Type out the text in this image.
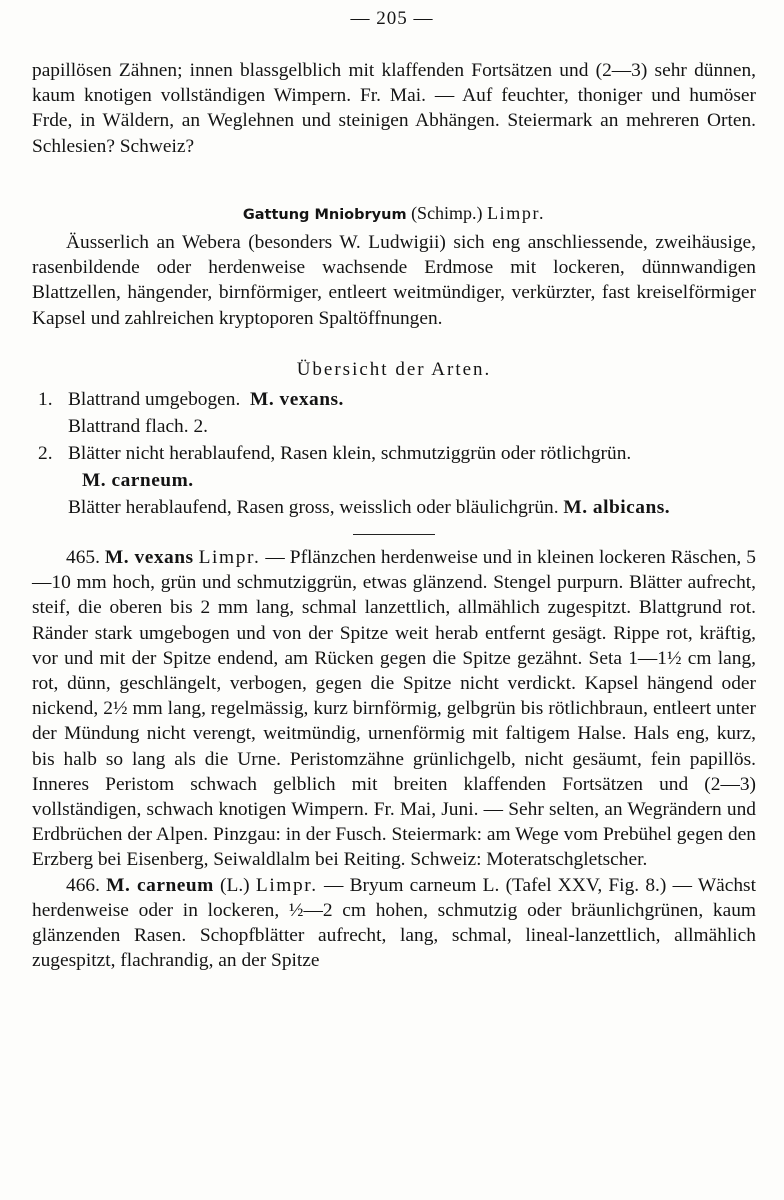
— 205 —

papillösen Zähnen; innen blassgelblich mit klaffenden Fortsätzen und (2—3) sehr dünnen, kaum knotigen vollständigen Wimpern. Fr. Mai. — Auf feuchter, thoniger und humöser Frde, in Wäldern, an Weglehnen und steinigen Abhängen. Steiermark an mehreren Orten. Schlesien? Schweiz?

Gattung Mniobryum (Schimp.) Limpr.

Äusserlich an Webera (besonders W. Ludwigii) sich eng anschliessende, zweihäusige, rasenbildende oder herdenweise wachsende Erdmose mit lockeren, dünnwandigen Blattzellen, hängender, birnförmiger, entleert weitmündiger, verkürzter, fast kreiselförmiger Kapsel und zahlreichen kryptoporen Spaltöffnungen.

Übersicht der Arten.
1. Blattrand umgebogen. M. vexans.
Blattrand flach. 2.
2. Blätter nicht herablaufend, Rasen klein, schmutziggrün oder rötlichgrün.
M. carneum.
Blätter herablaufend, Rasen gross, weisslich oder bläulichgrün. M. albicans.

465. M. vexans Limpr. — Pflänzchen herdenweise und in kleinen lockeren Räschen, 5—10 mm hoch, grün und schmutziggrün, etwas glänzend. Stengel purpurn. Blätter aufrecht, steif, die oberen bis 2 mm lang, schmal lanzettlich, allmählich zugespitzt. Blattgrund rot. Ränder stark umgebogen und von der Spitze weit herab entfernt gesägt. Rippe rot, kräftig, vor und mit der Spitze endend, am Rücken gegen die Spitze gezähnt. Seta 1—1½ cm lang, rot, dünn, geschlängelt, verbogen, gegen die Spitze nicht verdickt. Kapsel hängend oder nickend, 2½ mm lang, regelmässig, kurz birnförmig, gelbgrün bis rötlichbraun, entleert unter der Mündung nicht verengt, weitmündig, urnenförmig mit faltigem Halse. Hals eng, kurz, bis halb so lang als die Urne. Peristomzähne grünlichgelb, nicht gesäumt, fein papillös. Inneres Peristom schwach gelblich mit breiten klaffenden Fortsätzen und (2—3) vollständigen, schwach knotigen Wimpern. Fr. Mai, Juni. — Sehr selten, an Wegrändern und Erdbrüchen der Alpen. Pinzgau: in der Fusch. Steiermark: am Wege vom Prebühel gegen den Erzberg bei Eisenberg, Seiwaldlalm bei Reiting. Schweiz: Moteratschgletscher.

466. M. carneum (L.) Limpr. — Bryum carneum L. (Tafel XXV, Fig. 8.) — Wächst herdenweise oder in lockeren, ½—2 cm hohen, schmutzig oder bräunlichgrünen, kaum glänzenden Rasen. Schopfblätter aufrecht, lang, schmal, lineal-lanzettlich, allmählich zugespitzt, flachrandig, an der Spitze
